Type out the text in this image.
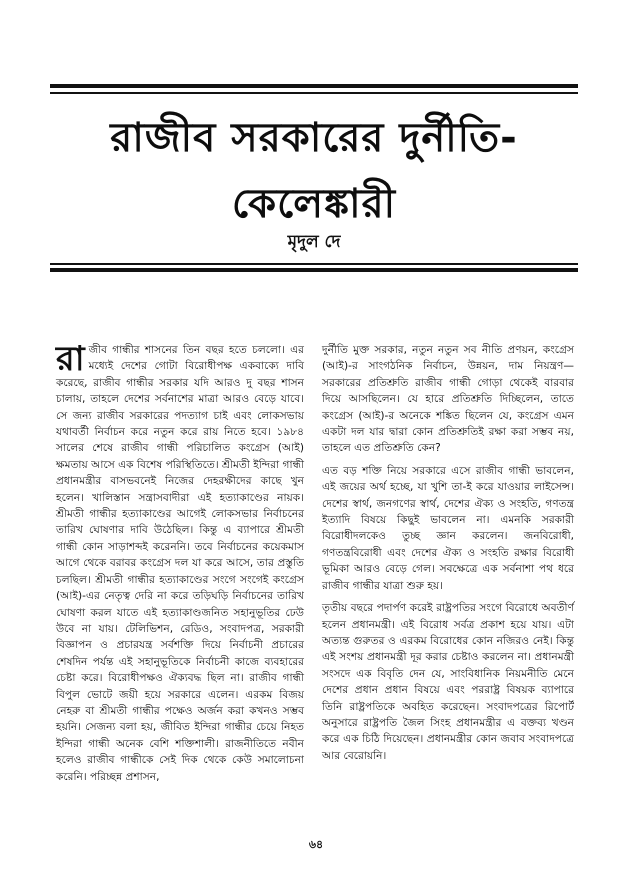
রাজীব সরকারের দুর্নীতি-
কেলেঙ্কারী
মৃদুল দে
রা জীব গান্ধীর শাসনের তিন বছর হতে চললো। এর মধ্যেই দেশের গোটা বিরোধীপক্ষ একবাক্যে দাবি করেছে, রাজীব গান্ধীর সরকার যদি আরও দু বছর শাসন চালায়, তাহলে দেশের সর্বনাশের মাত্রা আরও বেড়ে যাবে। সে জন্য রাজীব সরকারের পদত্যাগ চাই এবং লোকসভায় যথাবর্তী নির্বাচন করে নতুন করে রায় নিতে হবে। ১৯৮৪ সালের শেষে রাজীব গান্ধী পরিচালিত কংগ্রেস (আই) ক্ষমতায় আসে এক বিশেষ পরিস্থিতিতে। শ্রীমতী ইন্দিরা গান্ধী প্রধানমন্ত্রীর বাসভবনেই নিজের দেহরক্ষীদের কাছে খুন হলেন। খালিস্তান সন্ত্রাসবাদীরা এই হত্যাকাণ্ডের নায়ক। শ্রীমতী গান্ধীর হত্যাকাণ্ডের আগেই লোকসভার নির্বাচনের তারিখ ঘোষণার দাবি উঠেছিল। কিন্তু এ ব্যাপারে শ্রীমতী গান্ধী কোন সাড়াশব্দই করেননি। তবে নির্বাচনের কয়েকমাস আগে থেকে বরাবর কংগ্রেস দল যা করে আসে, তার প্রস্তুতি চলছিল। শ্রীমতী গান্ধীর হত্যাকাণ্ডের সংগে সংগেই কংগ্রেস (আই)-এর নেতৃত্ব দেরি না করে তড়িঘড়ি নির্বাচনের তারিখ ঘোষণা করল যাতে এই হত্যাকাণ্ডজনিত সহানুভূতির ঢেউ উবে না যায়। টেলিভিশন, রেডিও, সংবাদপত্র, সরকারী বিজ্ঞাপন ও প্রচারযন্ত্র সর্বশক্তি দিয়ে নির্বাচনী প্রচারের শেষদিন পর্যন্ত এই সহানুভূতিকে নির্বাচনী কাজে ব্যবহারের চেষ্টা করে। বিরোধীপক্ষও ঐক্যবদ্ধ ছিল না। রাজীব গান্ধী বিপুল ভোটে জয়ী হয়ে সরকারে এলেন। এরকম বিজয় নেহরু বা শ্রীমতী গান্ধীর পক্ষেও অর্জন করা কখনও সম্ভব হয়নি। সেজন্য বলা হয়, জীবিত ইন্দিরা গান্ধীর চেয়ে নিহত ইন্দিরা গান্ধী অনেক বেশি শক্তিশালী। রাজনীতিতে নবীন হলেও রাজীব গান্ধীকে সেই দিক থেকে কেউ সমালোচনা করেনি। পরিচ্ছন্ন প্রশাসন,

দুর্নীতি মুক্ত সরকার, নতুন নতুন সব নীতি প্রণয়ন, কংগ্রেস (আই)-র সাংগঠনিক নির্বাচন, উন্নয়ন, দাম নিয়ন্ত্রণ—সরকারের প্রতিশ্রুতি রাজীব গান্ধী গোড়া থেকেই বারবার দিয়ে আসছিলেন। যে হারে প্রতিশ্রুতি দিচ্ছিলেন, তাতে কংগ্রেস (আই)-র অনেকে শঙ্কিত ছিলেন যে, কংগ্রেস এমন একটা দল যার দ্বারা কোন প্রতিশ্রুতিই রক্ষা করা সম্ভব নয়, তাহলে এত প্রতিশ্রুতি কেন?

এত বড় শক্তি নিয়ে সরকারে এসে রাজীব গান্ধী ভাবলেন, এই জয়ের অর্থ হচ্ছে, যা খুশি তা-ই করে যাওয়ার লাইসেন্স। দেশের স্বার্থ, জনগণের স্বার্থ, দেশের ঐক্য ও সংহতি, গণতন্ত্র ইত্যাদি বিষয়ে কিছুই ভাবলেন না। এমনকি সরকারী বিরোধীদলকেও তুচ্ছ জ্ঞান করলেন। জনবিরোধী, গণতন্ত্রবিরোধী এবং দেশের ঐক্য ও সংহতি রক্ষার বিরোধী ভূমিকা আরও বেড়ে গেল। সবক্ষেত্রে এক সর্বনাশা পথ ধরে রাজীব গান্ধীর যাত্রা শুরু হয়।

তৃতীয় বছরে পদার্পণ করেই রাষ্ট্রপতির সংগে বিরোধে অবতীর্ণ হলেন প্রধানমন্ত্রী। এই বিরোধ সর্বত্র প্রকাশ হয়ে যায়। এটা অত্যন্ত গুরুতর ও এরকম বিরোধের কোন নজিরও নেই। কিন্তু এই সংশয় প্রধানমন্ত্রী দূর করার চেষ্টাও করলেন না। প্রধানমন্ত্রী সংসদে এক বিবৃতি দেন যে, সাংবিধানিক নিয়মনীতি মেনে দেশের প্রধান প্রধান বিষয়ে এবং পররাষ্ট্র বিষয়ক ব্যাপারে তিনি রাষ্ট্রপতিকে অবহিত করেছেন। সংবাদপত্রের রিপোর্ট অনুসারে রাষ্ট্রপতি জৈল সিংহ প্রধানমন্ত্রীর এ বক্তব্য খণ্ডন করে এক চিঠি দিয়েছেন। প্রধানমন্ত্রীর কোন জবাব সংবাদপত্রে আর বেরোয়নি।

৬৪
